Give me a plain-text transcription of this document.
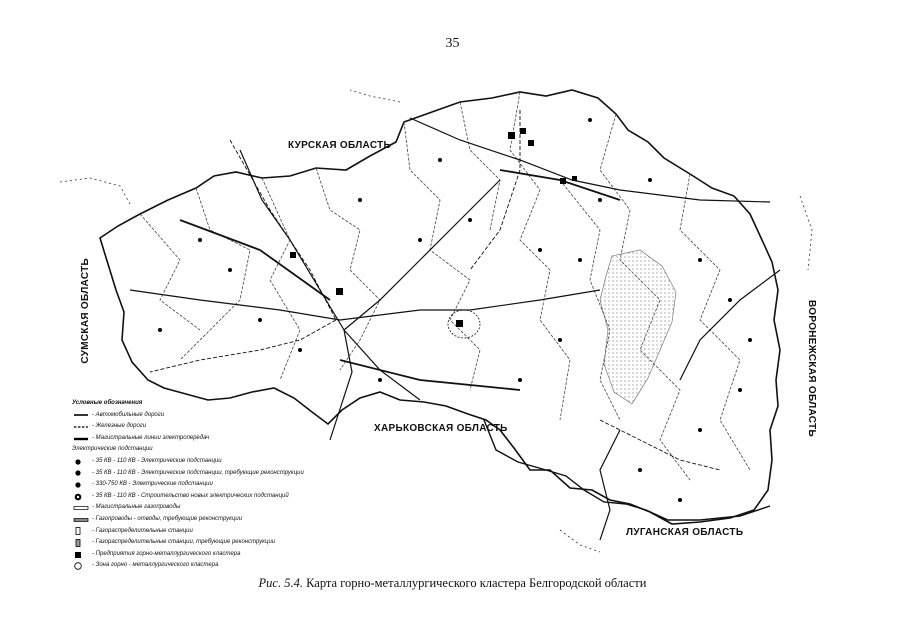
35
КУРСКАЯ ОБЛАСТЬ
СУМСКАЯ ОБЛАСТЬ	ВОРОНЕЖСКАЯ ОБЛАСТЬ
ХАРЬКОВСКАЯ ОБЛАСТЬ
ЛУГАНСКАЯ ОБЛАСТЬ
Условные обозначения
- Автомобильные дороги
- Железные дороги
- Магистральные линии электропередач
Электрические подстанции
- 35 КВ - 110 КВ - Электрические подстанции
- 35 КВ - 110 КВ - Электрические подстанции, требующие реконструкции
- 330-750 КВ - Электрические подстанции
- 35 КВ - 110 КВ - Строительство новых электрических подстанций
- Магистральные газопроводы
- Газопроводы - отводы, требующие реконструкции
- Газораспределительные станции
- Газораспределительные станции, требующие реконструкции
- Предприятия горно-металлургического кластера
- Зона горно - металлургического кластера
Рис. 5.4. Карта горно-металлургического кластера Белгородской области
